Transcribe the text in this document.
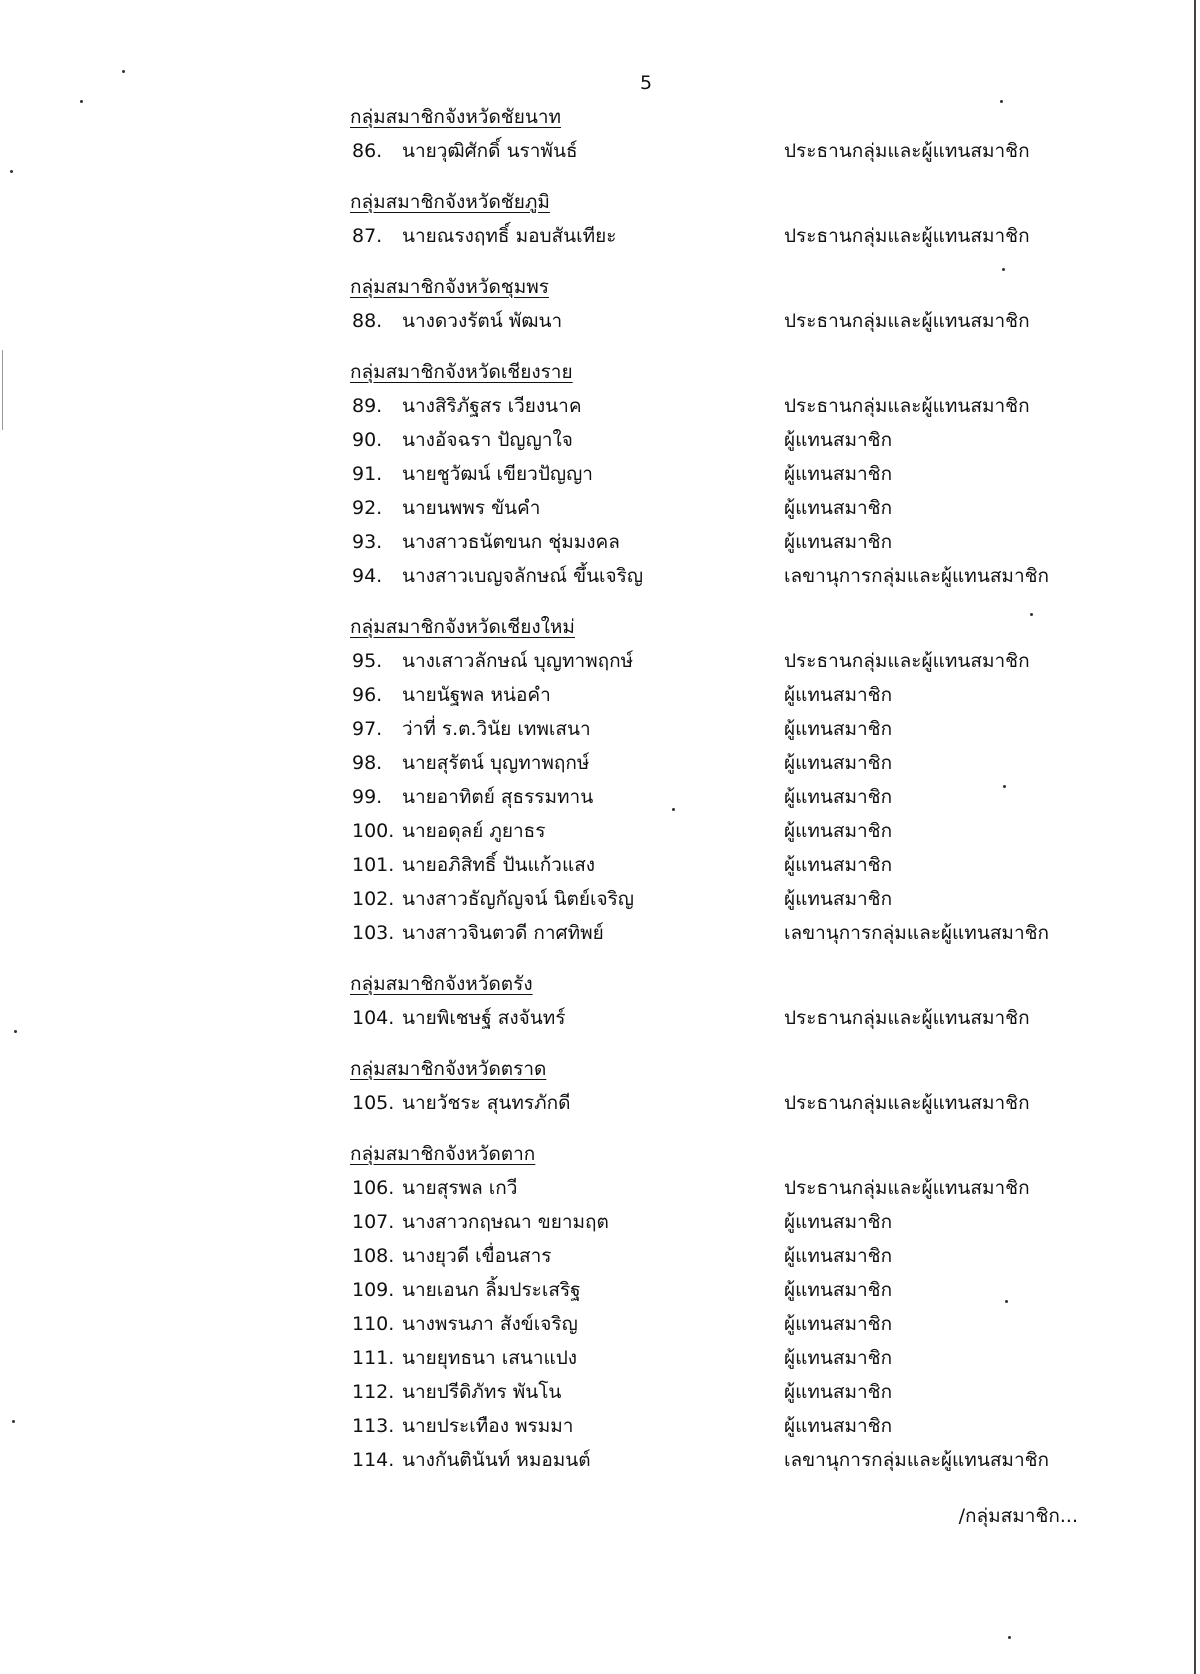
5
กลุ่มสมาชิกจังหวัดชัยนาท
86.	นายวุฒิศักดิ์ นราพันธ์	ประธานกลุ่มและผู้แทนสมาชิก
กลุ่มสมาชิกจังหวัดชัยภูมิ
87.	นายณรงฤทธิ์ มอบสันเทียะ	ประธานกลุ่มและผู้แทนสมาชิก
กลุ่มสมาชิกจังหวัดชุมพร
88.	นางดวงรัตน์ พัฒนา	ประธานกลุ่มและผู้แทนสมาชิก
กลุ่มสมาชิกจังหวัดเชียงราย
89.	นางสิริภัฐสร เวียงนาค	ประธานกลุ่มและผู้แทนสมาชิก
90.	นางอัจฉรา ปัญญาใจ	ผู้แทนสมาชิก
91.	นายชูวัฒน์ เขียวปัญญา	ผู้แทนสมาชิก
92.	นายนพพร ขันคำ	ผู้แทนสมาชิก
93.	นางสาวธนัตขนก ชุ่มมงคล	ผู้แทนสมาชิก
94.	นางสาวเบญจลักษณ์ ขึ้นเจริญ	เลขานุการกลุ่มและผู้แทนสมาชิก
กลุ่มสมาชิกจังหวัดเชียงใหม่
95.	นางเสาวลักษณ์ บุญทาพฤกษ์	ประธานกลุ่มและผู้แทนสมาชิก
96.	นายนัฐพล หน่อคำ	ผู้แทนสมาชิก
97.	ว่าที่ ร.ต.วินัย เทพเสนา	ผู้แทนสมาชิก
98.	นายสุรัตน์ บุญทาพฤกษ์	ผู้แทนสมาชิก
99.	นายอาทิตย์ สุธรรมทาน	ผู้แทนสมาชิก
100. นายอดุลย์ ภูยาธร	ผู้แทนสมาชิก
101. นายอภิสิทธิ์ ปันแก้วแสง	ผู้แทนสมาชิก
102. นางสาวธัญกัญจน์ นิตย์เจริญ	ผู้แทนสมาชิก
103. นางสาวจินตวดี กาศทิพย์	เลขานุการกลุ่มและผู้แทนสมาชิก
กลุ่มสมาชิกจังหวัดตรัง
104. นายพิเชษฐ์ สงจันทร์	ประธานกลุ่มและผู้แทนสมาชิก
กลุ่มสมาชิกจังหวัดตราด
105. นายวัชระ สุนทรภักดี	ประธานกลุ่มและผู้แทนสมาชิก
กลุ่มสมาชิกจังหวัดตาก
106. นายสุรพล เกวี	ประธานกลุ่มและผู้แทนสมาชิก
107. นางสาวกฤษณา ขยามฤต	ผู้แทนสมาชิก
108. นางยุวดี เขื่อนสาร	ผู้แทนสมาชิก
109. นายเอนก ลิ้มประเสริฐ	ผู้แทนสมาชิก
110. นางพรนภา สังข์เจริญ	ผู้แทนสมาชิก
111. นายยุทธนา เสนาแปง	ผู้แทนสมาชิก
112. นายปรีดิภัทร พันโน	ผู้แทนสมาชิก
113. นายประเทือง พรมมา	ผู้แทนสมาชิก
114. นางกันตินันท์ หมอมนต์	เลขานุการกลุ่มและผู้แทนสมาชิก
/กลุ่มสมาชิก...
